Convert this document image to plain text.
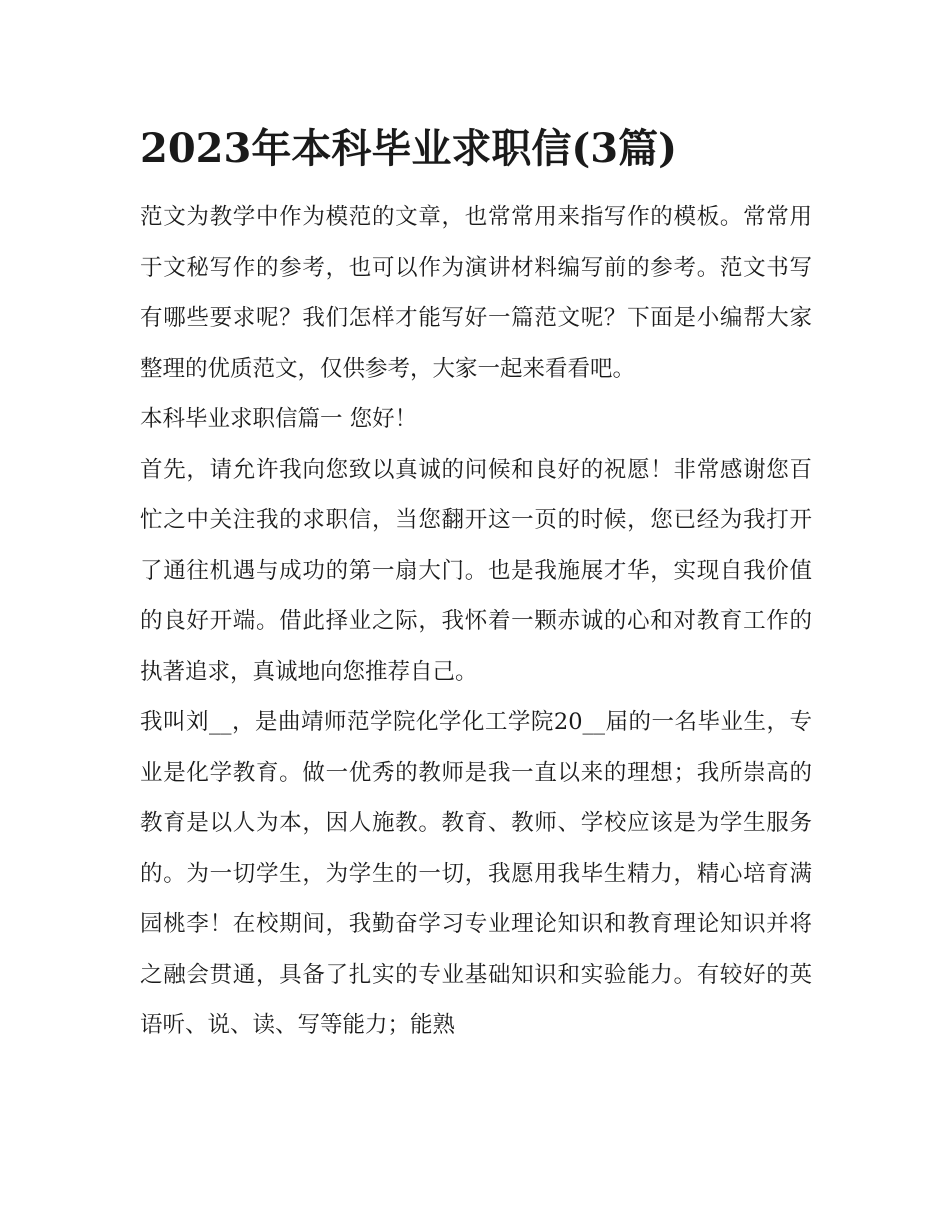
2023年本科毕业求职信(3篇)

范文为教学中作为模范的文章，也常常用来指写作的模板。常常用于文秘写作的参考，也可以作为演讲材料编写前的参考。范文书写有哪些要求呢？我们怎样才能写好一篇范文呢？下面是小编帮大家整理的优质范文，仅供参考，大家一起来看看吧。

本科毕业求职信篇一 您好！

首先，请允许我向您致以真诚的问候和良好的祝愿！非常感谢您百忙之中关注我的求职信，当您翻开这一页的时候，您已经为我打开了通往机遇与成功的第一扇大门。也是我施展才华，实现自我价值的良好开端。借此择业之际，我怀着一颗赤诚的心和对教育工作的执著追求，真诚地向您推荐自己。

我叫刘__，是曲靖师范学院化学化工学院20__届的一名毕业生，专业是化学教育。做一优秀的教师是我一直以来的理想；我所崇高的教育是以人为本，因人施教。教育、教师、学校应该是为学生服务的。为一切学生，为学生的一切，我愿用我毕生精力，精心培育满园桃李！在校期间，我勤奋学习专业理论知识和教育理论知识并将之融会贯通，具备了扎实的专业基础知识和实验能力。有较好的英语听、说、读、写等能力；能熟
